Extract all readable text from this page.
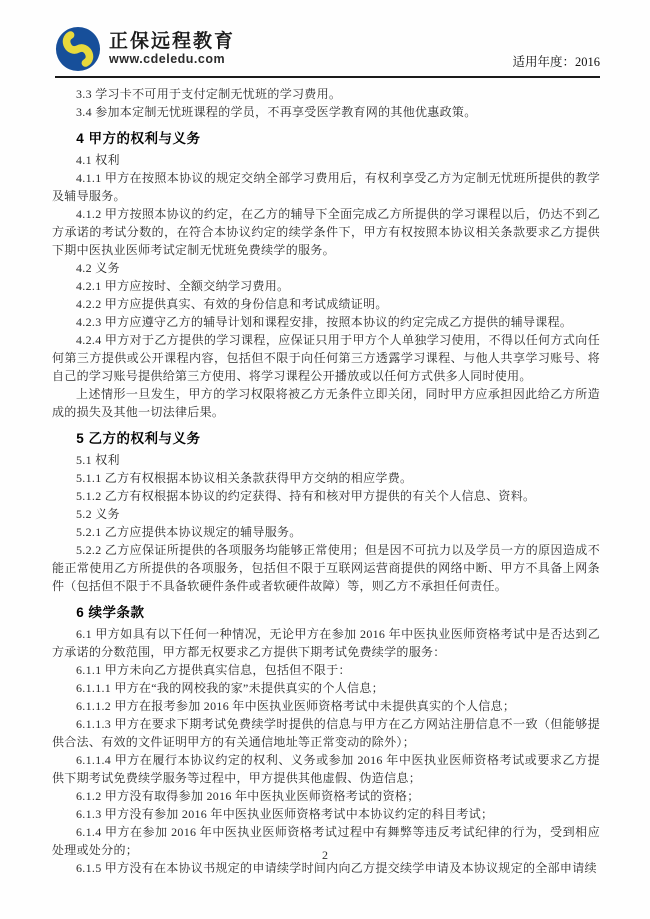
正保远程教育
www.cdeledu.com	适用年度：2016
3.3 学习卡不可用于支付定制无忧班的学习费用。
3.4 参加本定制无忧班课程的学员，不再享受医学教育网的其他优惠政策。
4 甲方的权利与义务
4.1 权利
4.1.1 甲方在按照本协议的规定交纳全部学习费用后，有权利享受乙方为定制无忧班所提供的教学及辅导服务。
4.1.2 甲方按照本协议的约定，在乙方的辅导下全面完成乙方所提供的学习课程以后，仍达不到乙方承诺的考试分数的，在符合本协议约定的续学条件下，甲方有权按照本协议相关条款要求乙方提供下期中医执业医师考试定制无忧班免费续学的服务。
4.2 义务
4.2.1 甲方应按时、全额交纳学习费用。
4.2.2 甲方应提供真实、有效的身份信息和考试成绩证明。
4.2.3 甲方应遵守乙方的辅导计划和课程安排，按照本协议的约定完成乙方提供的辅导课程。
4.2.4 甲方对于乙方提供的学习课程，应保证只用于甲方个人单独学习使用，不得以任何方式向任何第三方提供或公开课程内容，包括但不限于向任何第三方透露学习课程、与他人共享学习账号、将自己的学习账号提供给第三方使用、将学习课程公开播放或以任何方式供多人同时使用。
上述情形一旦发生，甲方的学习权限将被乙方无条件立即关闭，同时甲方应承担因此给乙方所造成的损失及其他一切法律后果。
5 乙方的权利与义务
5.1 权利
5.1.1 乙方有权根据本协议相关条款获得甲方交纳的相应学费。
5.1.2 乙方有权根据本协议的约定获得、持有和核对甲方提供的有关个人信息、资料。
5.2 义务
5.2.1 乙方应提供本协议规定的辅导服务。
5.2.2 乙方应保证所提供的各项服务均能够正常使用；但是因不可抗力以及学员一方的原因造成不能正常使用乙方所提供的各项服务，包括但不限于互联网运营商提供的网络中断、甲方不具备上网条件（包括但不限于不具备软硬件条件或者软硬件故障）等，则乙方不承担任何责任。
6 续学条款
6.1 甲方如具有以下任何一种情况，无论甲方在参加 2016 年中医执业医师资格考试中是否达到乙方承诺的分数范围，甲方都无权要求乙方提供下期考试免费续学的服务：
6.1.1 甲方未向乙方提供真实信息，包括但不限于：
6.1.1.1 甲方在“我的网校我的家”未提供真实的个人信息；
6.1.1.2 甲方在报考参加 2016 年中医执业医师资格考试中未提供真实的个人信息；
6.1.1.3 甲方在要求下期考试免费续学时提供的信息与甲方在乙方网站注册信息不一致（但能够提供合法、有效的文件证明甲方的有关通信地址等正常变动的除外）；
6.1.1.4 甲方在履行本协议约定的权利、义务或参加 2016 年中医执业医师资格考试或要求乙方提供下期考试免费续学服务等过程中，甲方提供其他虚假、伪造信息；
6.1.2 甲方没有取得参加 2016 年中医执业医师资格考试的资格；
6.1.3 甲方没有参加 2016 年中医执业医师资格考试中本协议约定的科目考试；
6.1.4 甲方在参加 2016 年中医执业医师资格考试过程中有舞弊等违反考试纪律的行为，受到相应处理或处分的；
6.1.5 甲方没有在本协议书规定的申请续学时间内向乙方提交续学申请及本协议规定的全部申请续
2
